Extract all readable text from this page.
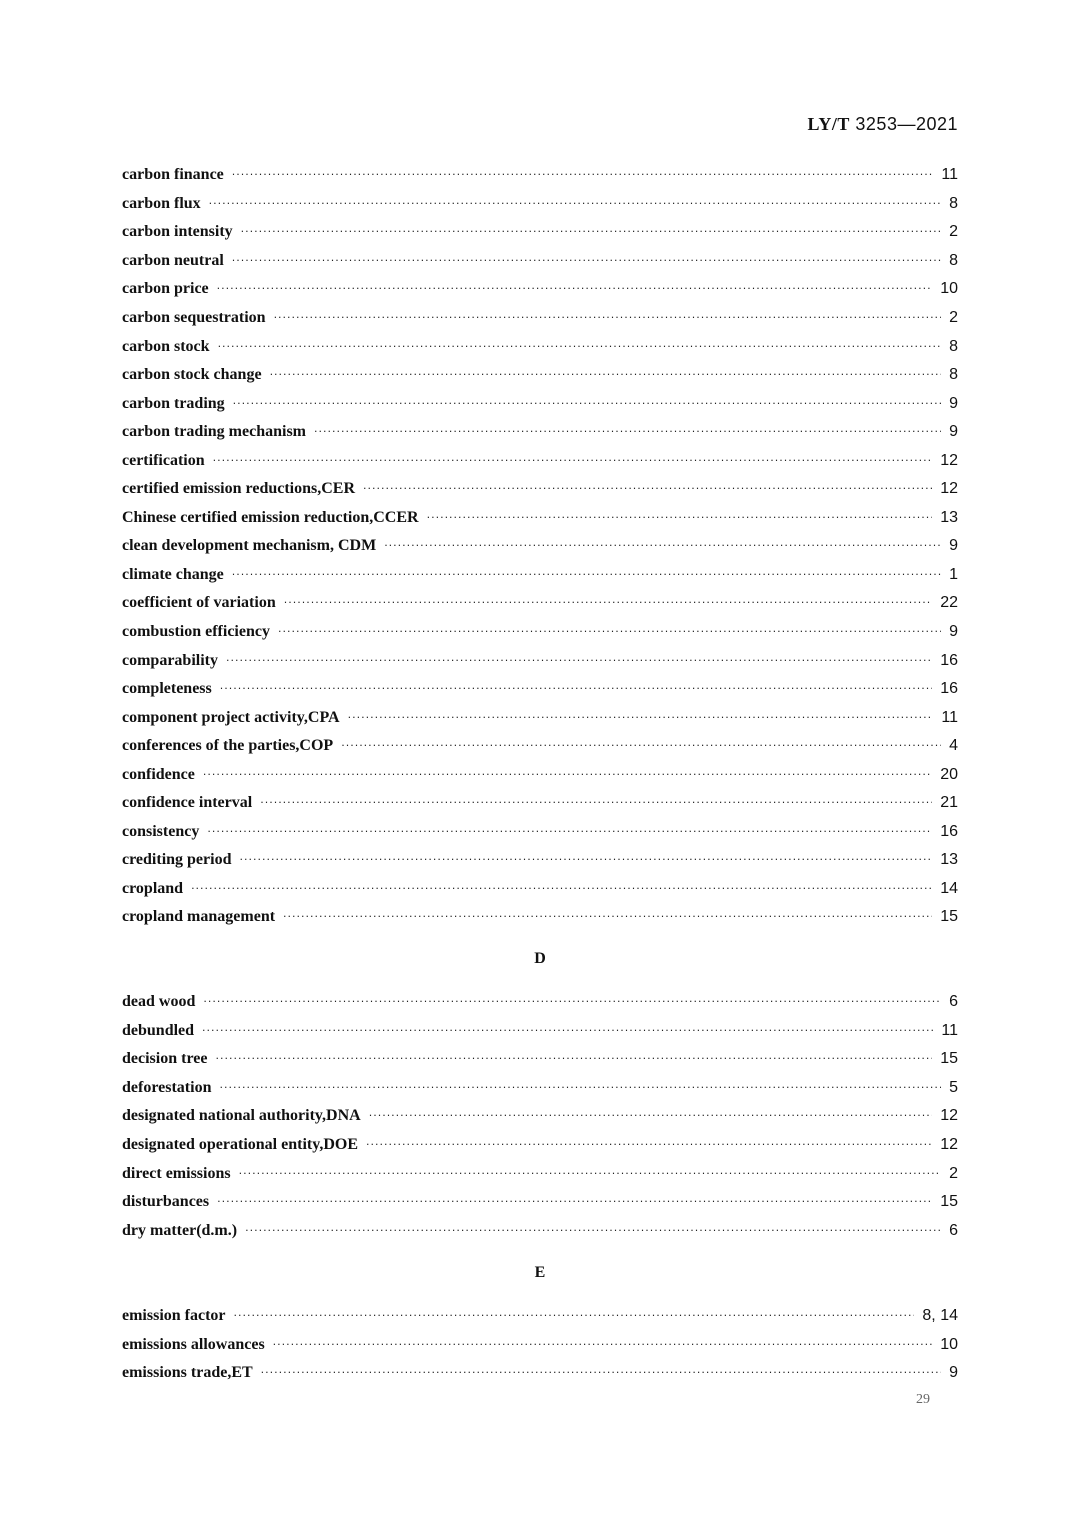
LY/T 3253—2021
carbon finance ·····	11
carbon flux ·····	8
carbon intensity ·····	2
carbon neutral ·····	8
carbon price ·····	10
carbon sequestration ·····	2
carbon stock ·····	8
carbon stock change ·····	8
carbon trading ·····	9
carbon trading mechanism ·····	9
certification ·····	12
certified emission reductions,CER ·····	12
Chinese certified emission reduction,CCER ·····	13
clean development mechanism, CDM ·····	9
climate change ·····	1
coefficient of variation ·····	22
combustion efficiency ·····	9
comparability ·····	16
completeness ·····	16
component project activity,CPA ·····	11
conferences of the parties,COP ·····	4
confidence ·····	20
confidence interval ·····	21
consistency ·····	16
crediting period ·····	13
cropland ·····	14
cropland management ·····	15
D
dead wood ·····	6
debundled ·····	11
decision tree ·····	15
deforestation ·····	5
designated national authority,DNA ·····	12
designated operational entity,DOE ·····	12
direct emissions ·····	2
disturbances ·····	15
dry matter(d.m.) ·····	6
E
emission factor ·····	8, 14
emissions allowances ·····	10
emissions trade,ET ·····	9
29
